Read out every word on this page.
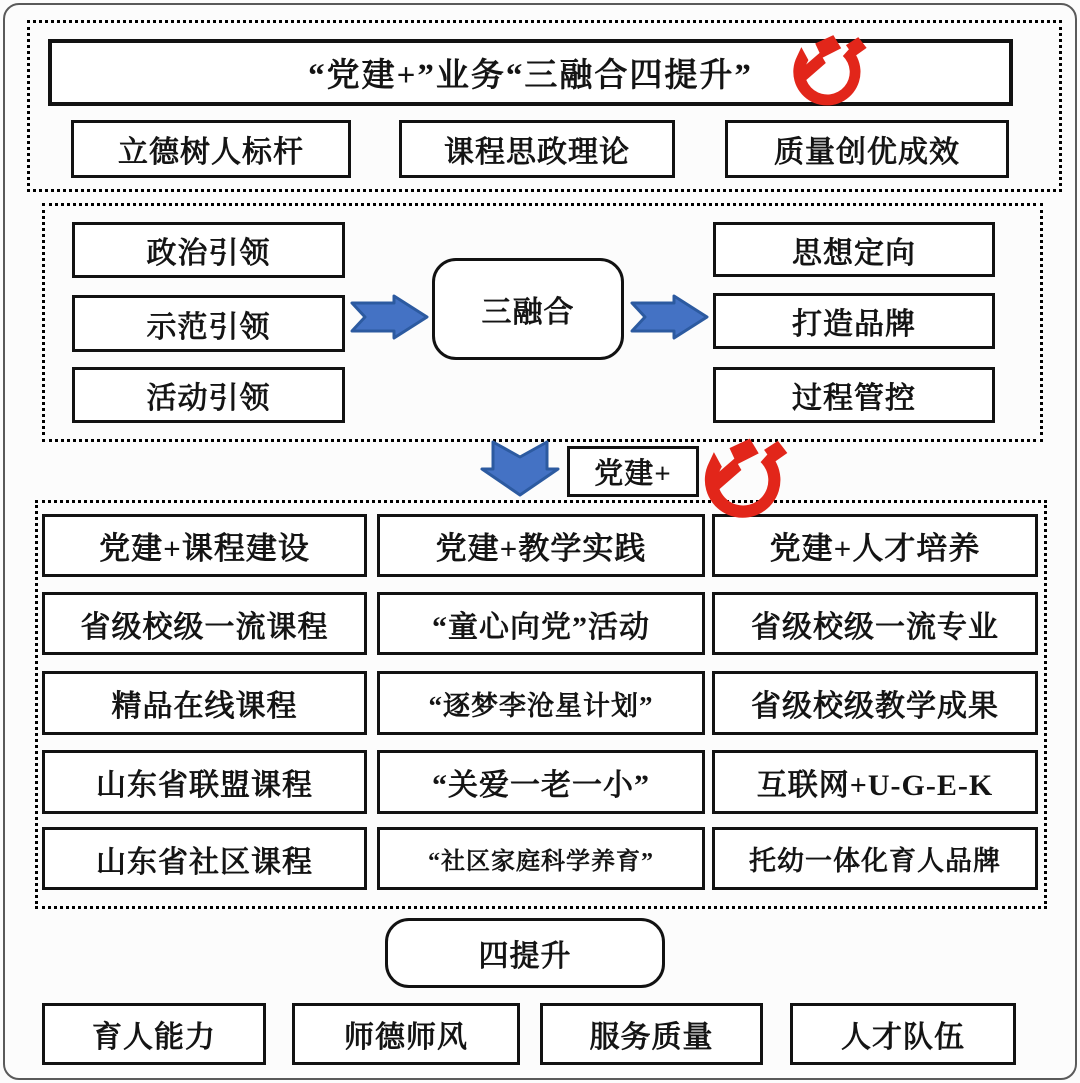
“党建+”业务“三融合四提升”
立德树人标杆	课程思政理论	质量创优成效
政治引领
示范引领
活动引领
三融合
思想定向
打造品牌
过程管控
党建+
党建+课程建设	党建+教学实践	党建+人才培养
省级校级一流课程	“童心向党”活动	省级校级一流专业
精品在线课程	“逐梦李沧星计划”	省级校级教学成果
山东省联盟课程	“关爱一老一小”	互联网+U-G-E-K
山东省社区课程	“社区家庭科学养育”	托幼一体化育人品牌
四提升
育人能力	师德师风	服务质量	人才队伍
